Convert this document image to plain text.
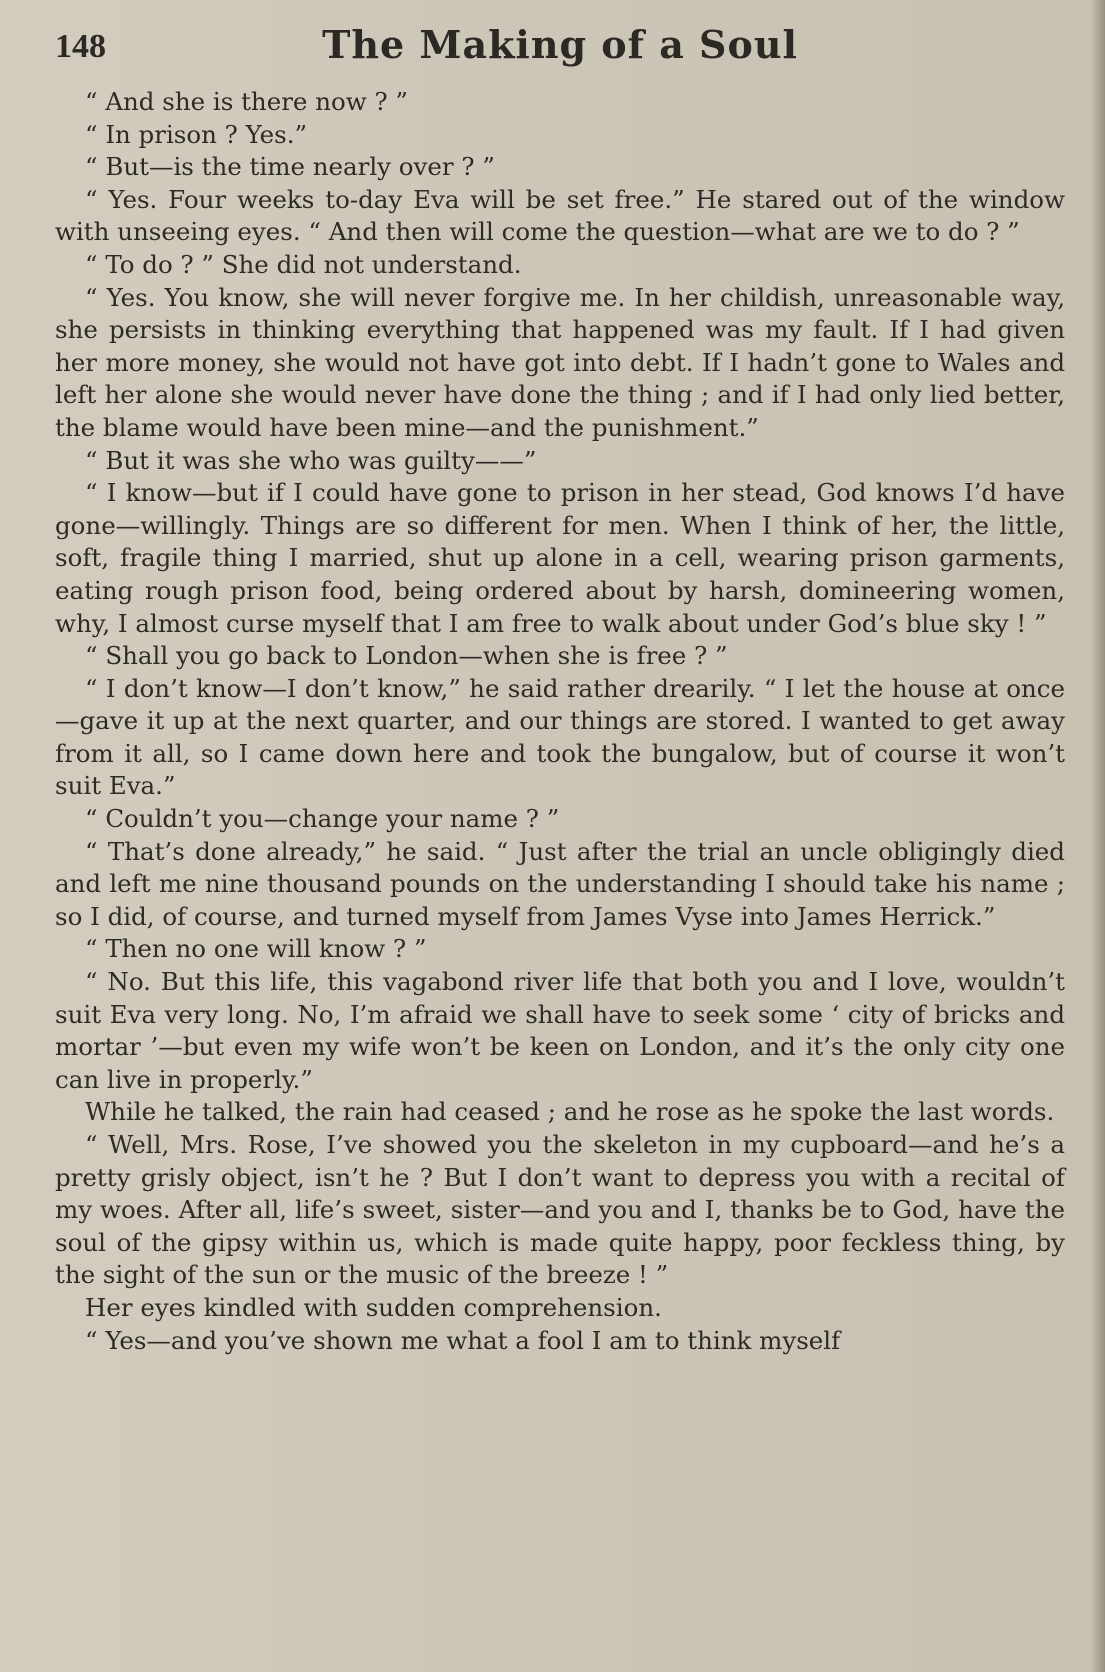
148	The Making of a Soul

“ And she is there now ? ”

“ In prison ? Yes.”

“ But—is the time nearly over ? ”

“ Yes. Four weeks to-day Eva will be set free.” He stared out of the window with unseeing eyes. “ And then will come the question—what are we to do ? ”

“ To do ? ” She did not understand.

“ Yes. You know, she will never forgive me. In her childish, unreasonable way, she persists in thinking everything that happened was my fault. If I had given her more money, she would not have got into debt. If I hadn’t gone to Wales and left her alone she would never have done the thing ; and if I had only lied better, the blame would have been mine—and the punishment.”

“ But it was she who was guilty——”

“ I know—but if I could have gone to prison in her stead, God knows I’d have gone—willingly. Things are so different for men. When I think of her, the little, soft, fragile thing I married, shut up alone in a cell, wearing prison garments, eating rough prison food, being ordered about by harsh, domineering women, why, I almost curse myself that I am free to walk about under God’s blue sky ! ”

“ Shall you go back to London—when she is free ? ”

“ I don’t know—I don’t know,” he said rather drearily. “ I let the house at once—gave it up at the next quarter, and our things are stored. I wanted to get away from it all, so I came down here and took the bungalow, but of course it won’t suit Eva.”

“ Couldn’t you—change your name ? ”

“ That’s done already,” he said. “ Just after the trial an uncle obligingly died and left me nine thousand pounds on the understanding I should take his name ; so I did, of course, and turned myself from James Vyse into James Herrick.”

“ Then no one will know ? ”

“ No. But this life, this vagabond river life that both you and I love, wouldn’t suit Eva very long. No, I’m afraid we shall have to seek some ‘ city of bricks and mortar ’—but even my wife won’t be keen on London, and it’s the only city one can live in properly.”

While he talked, the rain had ceased ; and he rose as he spoke the last words.

“ Well, Mrs. Rose, I’ve showed you the skeleton in my cupboard—and he’s a pretty grisly object, isn’t he ? But I don’t want to depress you with a recital of my woes. After all, life’s sweet, sister—and you and I, thanks be to God, have the soul of the gipsy within us, which is made quite happy, poor feckless thing, by the sight of the sun or the music of the breeze ! ”

Her eyes kindled with sudden comprehension.

“ Yes—and you’ve shown me what a fool I am to think myself
